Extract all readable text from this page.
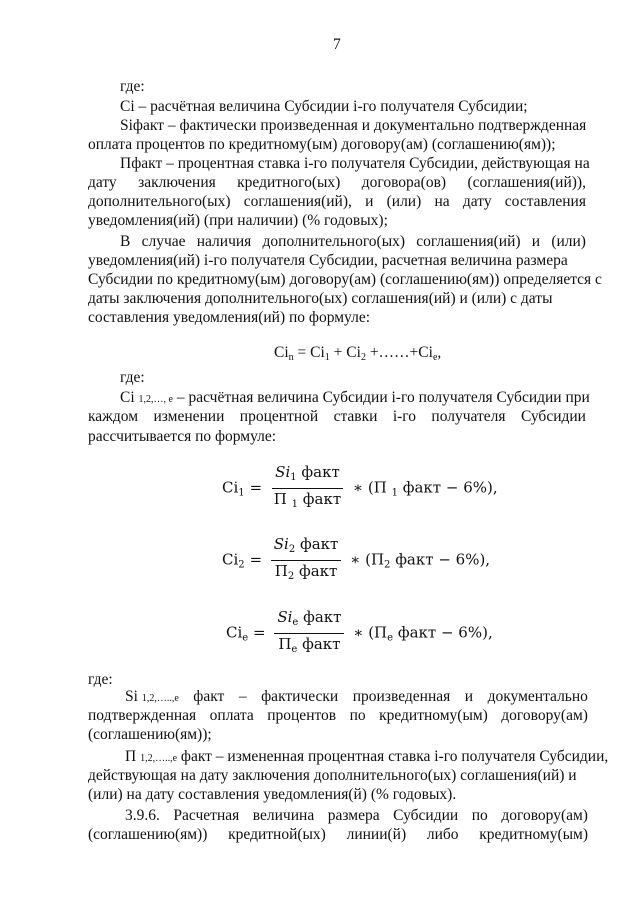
7
где:
Ci – расчётная величина Субсидии i-го получателя Субсидии;
Siфакт – фактически произведенная и документально подтвержденная
оплата процентов по кредитному(ым) договору(ам) (соглашению(ям));
Пфакт – процентная ставка i-го получателя Субсидии, действующая на
дату заключения кредитного(ых) договора(ов) (соглашения(ий)),
дополнительного(ых) соглашения(ий), и (или) на дату составления
уведомления(ий) (при наличии) (% годовых);
В случае наличия дополнительного(ых) соглашения(ий) и (или)
уведомления(ий) i-го получателя Субсидии, расчетная величина размера
Субсидии по кредитному(ым) договору(ам) (соглашению(ям)) определяется с
даты заключения дополнительного(ых) соглашения(ий) и (или) с даты
составления уведомления(ий) по формуле:
$Ci_n = Ci_1 + Ci_2$ $+\dots\dots+Ci_e$,
где:
Ci 1,2,…, e – расчётная величина Субсидии i-го получателя Субсидии при
каждом изменении процентной ставки i-го получателя Субсидии
рассчитывается по формуле:
$Ci_1 = \frac{Si_1 факт}{П _1 факт}$ ∗ (П $_1$ факт − 6%),
$Ci_2 = \frac{Si_2 факт}{П_2 факт}$ ∗ ($П_2$ факт − 6%),
$Ci_e = \frac{Si_e факт}{П_e факт}$ ∗ ($П_e$ факт − 6%),
где:
Si 1,2,…..,e факт – фактически произведенная и документально
подтвержденная оплата процентов по кредитному(ым) договору(ам)
(соглашению(ям));
П 1,2,…..,e факт – измененная процентная ставка i-го получателя Субсидии,
действующая на дату заключения дополнительного(ых) соглашения(ий) и
(или) на дату составления уведомления(й) (% годовых).
3.9.6. Расчетная величина размера Субсидии по договору(ам)
(соглашению(ям)) кредитной(ых) линии(й) либо кредитному(ым)
